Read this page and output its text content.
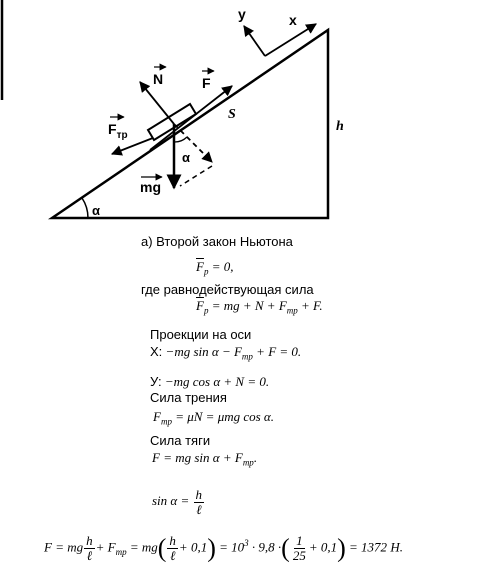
y	x
N	F
S
h
$F_{тр}$
α
α
mg
а) Второй закон Ньютона
$\overline{F}_р = 0$,
где равнодействующая сила
$\overline{F}_р$ = mg + $N + F_{тр} + F$.
Проекции на оси
X: −mg $\sin \alpha - F_{тр} + F = 0$.
У: −mg cos α + N = 0.
Сила трения
$F_{тр} = \mu N = \mu mg$ cos α.
Сила тяги
F = mg $\sin \alpha + F_{тр}$.
$\sin \alpha = \frac{h}{\text{ℓ}}$
F = mg $\frac{h}{\text{ℓ}} + F_{тр} = mg( \frac{h}{\text{ℓ}} + 0,1) = 10^3 \cdot 9,8$ ·( $\frac{1}{25} + 0,1) = 1372$ H.
